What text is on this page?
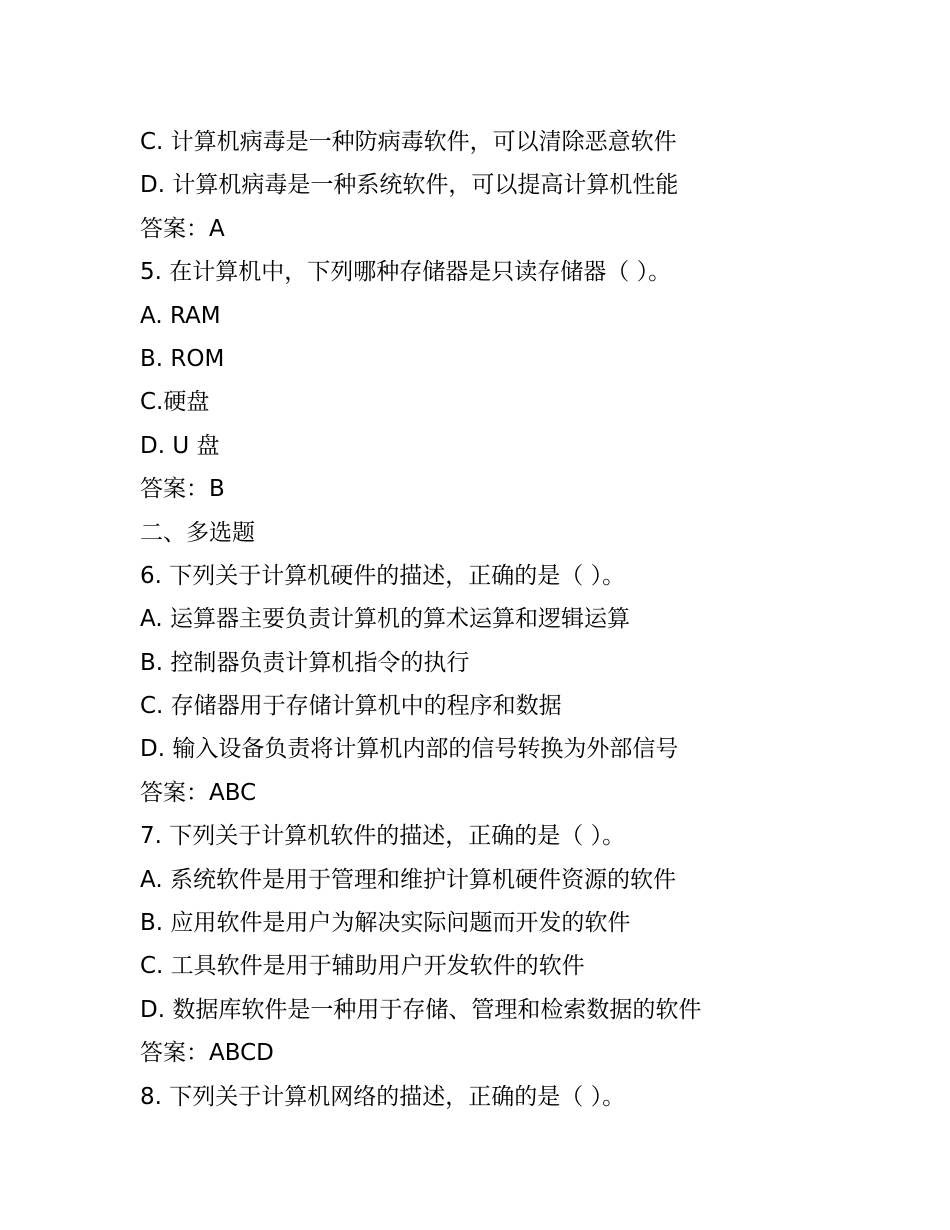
C. 计算机病毒是一种防病毒软件，可以清除恶意软件
D. 计算机病毒是一种系统软件，可以提高计算机性能
答案：A
5. 在计算机中，下列哪种存储器是只读存储器（ ）。
A. RAM
B. ROM
C.硬盘
D. U 盘
答案：B
二、多选题
6. 下列关于计算机硬件的描述，正确的是（ ）。
A. 运算器主要负责计算机的算术运算和逻辑运算
B. 控制器负责计算机指令的执行
C. 存储器用于存储计算机中的程序和数据
D. 输入设备负责将计算机内部的信号转换为外部信号
答案：ABC
7. 下列关于计算机软件的描述，正确的是（ ）。
A. 系统软件是用于管理和维护计算机硬件资源的软件
B. 应用软件是用户为解决实际问题而开发的软件
C. 工具软件是用于辅助用户开发软件的软件
D. 数据库软件是一种用于存储、管理和检索数据的软件
答案：ABCD
8. 下列关于计算机网络的描述，正确的是（ ）。
